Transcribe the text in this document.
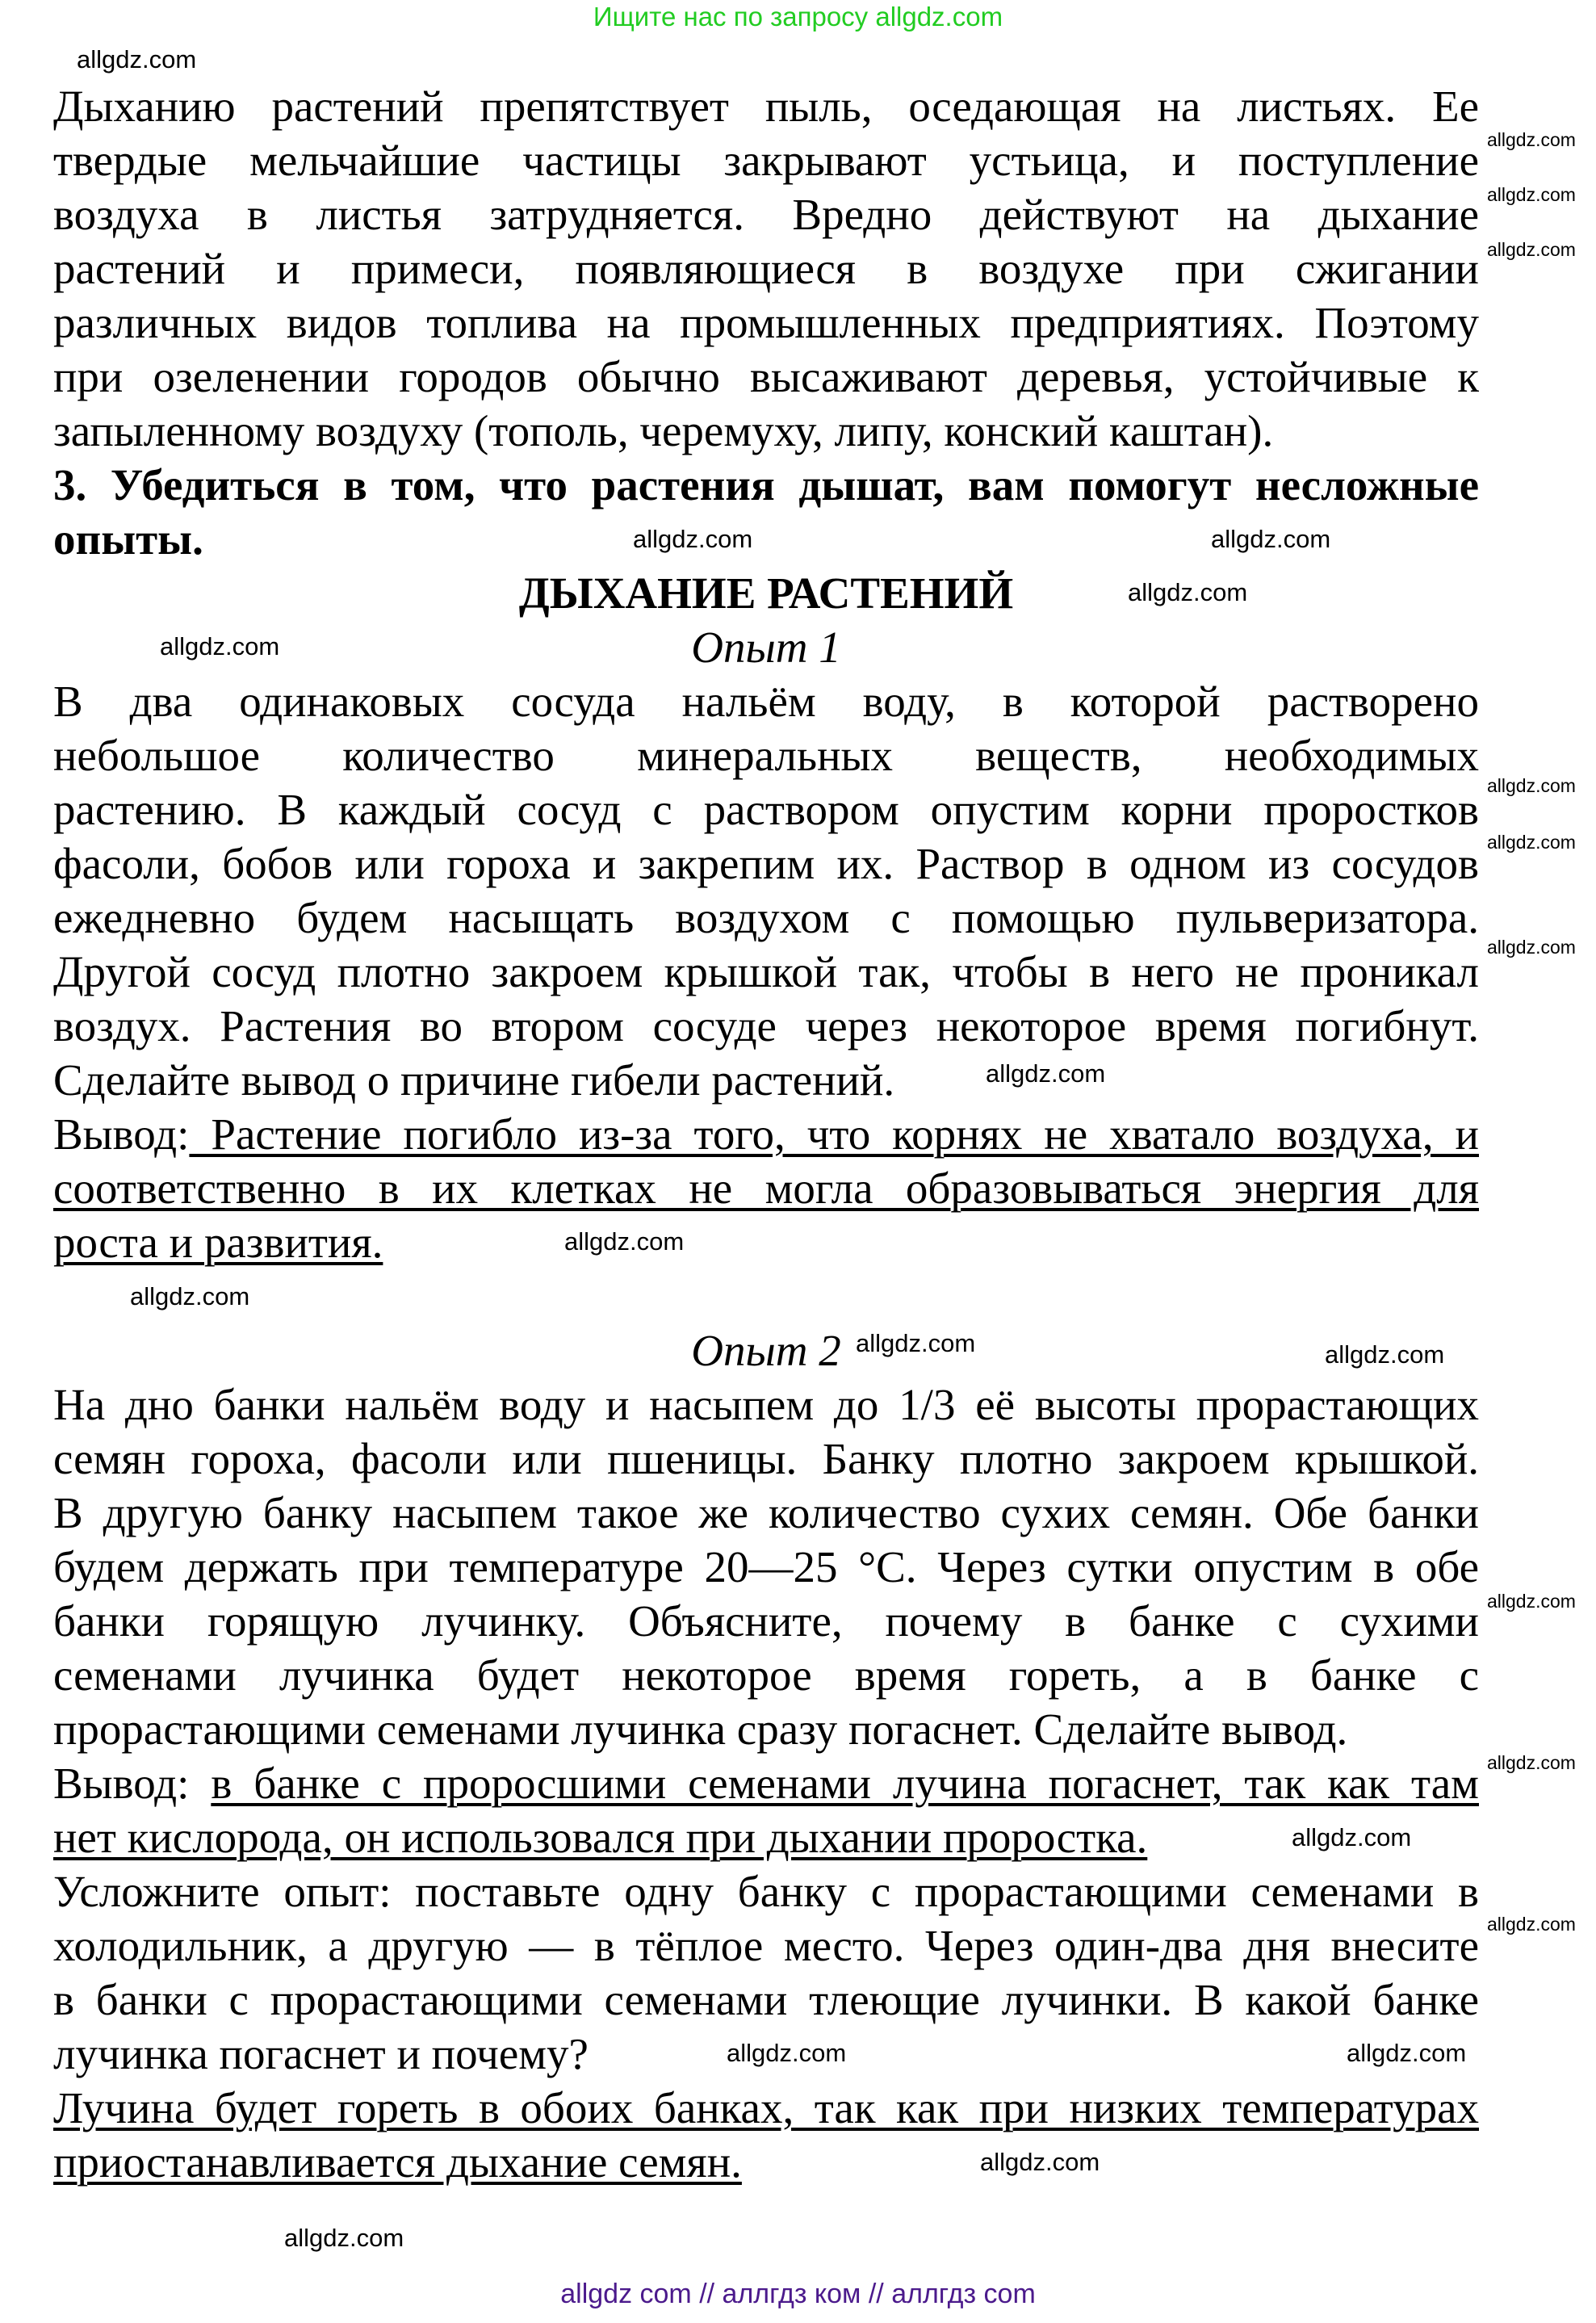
Ищите нас по запросу allgdz.com
Дыханию растений препятствует пыль, оседающая на листьях. Ее
твердые мельчайшие частицы закрывают устьица, и поступление
воздуха в листья затрудняется. Вредно действуют на дыхание
растений и примеси, появляющиеся в воздухе при сжигании
различных видов топлива на промышленных предприятиях. Поэтому
при озеленении городов обычно высаживают деревья, устойчивые к
запыленному воздуху (тополь, черемуху, липу, конский каштан).
3. Убедиться в том, что растения дышат, вам помогут несложные
опыты.
ДЫХАНИЕ РАСТЕНИЙ
Опыт 1
В два одинаковых сосуда нальём воду, в которой растворено
небольшое количество минеральных веществ, необходимых
растению. В каждый сосуд с раствором опустим корни проростков
фасоли, бобов или гороха и закрепим их. Раствор в одном из сосудов
ежедневно будем насыщать воздухом с помощью пульверизатора.
Другой сосуд плотно закроем крышкой так, чтобы в него не проникал
воздух. Растения во втором сосуде через некоторое время погибнут.
Сделайте вывод о причине гибели растений.
Вывод: Растение погибло из-за того, что корнях не хватало воздуха, и
соответственно в их клетках не могла образовываться энергия для
роста и развития.
Опыт 2
На дно банки нальём воду и насыпем до 1/3 её высоты прорастающих
семян гороха, фасоли или пшеницы. Банку плотно закроем крышкой.
В другую банку насыпем такое же количество сухих семян. Обе банки
будем держать при температуре 20—25 °С. Через сутки опустим в обе
банки горящую лучинку. Объясните, почему в банке с сухими
семенами лучинка будет некоторое время гореть, а в банке с
прорастающими семенами лучинка сразу погаснет. Сделайте вывод.
Вывод: в банке с проросшими семенами лучина погаснет, так как там
нет кислорода, он использовался при дыхании проростка.
Усложните опыт: поставьте одну банку с прорастающими семенами в
холодильник, а другую — в тёплое место. Через один-два дня внесите
в банки с прорастающими семенами тлеющие лучинки. В какой банке
лучинка погаснет и почему?
Лучина будет гореть в обоих банках, так как при низких температурах
приостанавливается дыхание семян.
allgdz.com
allgdz.com
allgdz.com
allgdz.com
allgdz.com
allgdz.com
allgdz.com
allgdz.com
allgdz.com
allgdz.com
allgdz.com
allgdz.com
allgdz.com
allgdz.com
allgdz.com	allgdz.com
allgdz.com
allgdz.com
allgdz.com
allgdz.com
allgdz.com	allgdz.com
allgdz.com
allgdz.com
allgdz com // аллгдз ком // аллгдз com
